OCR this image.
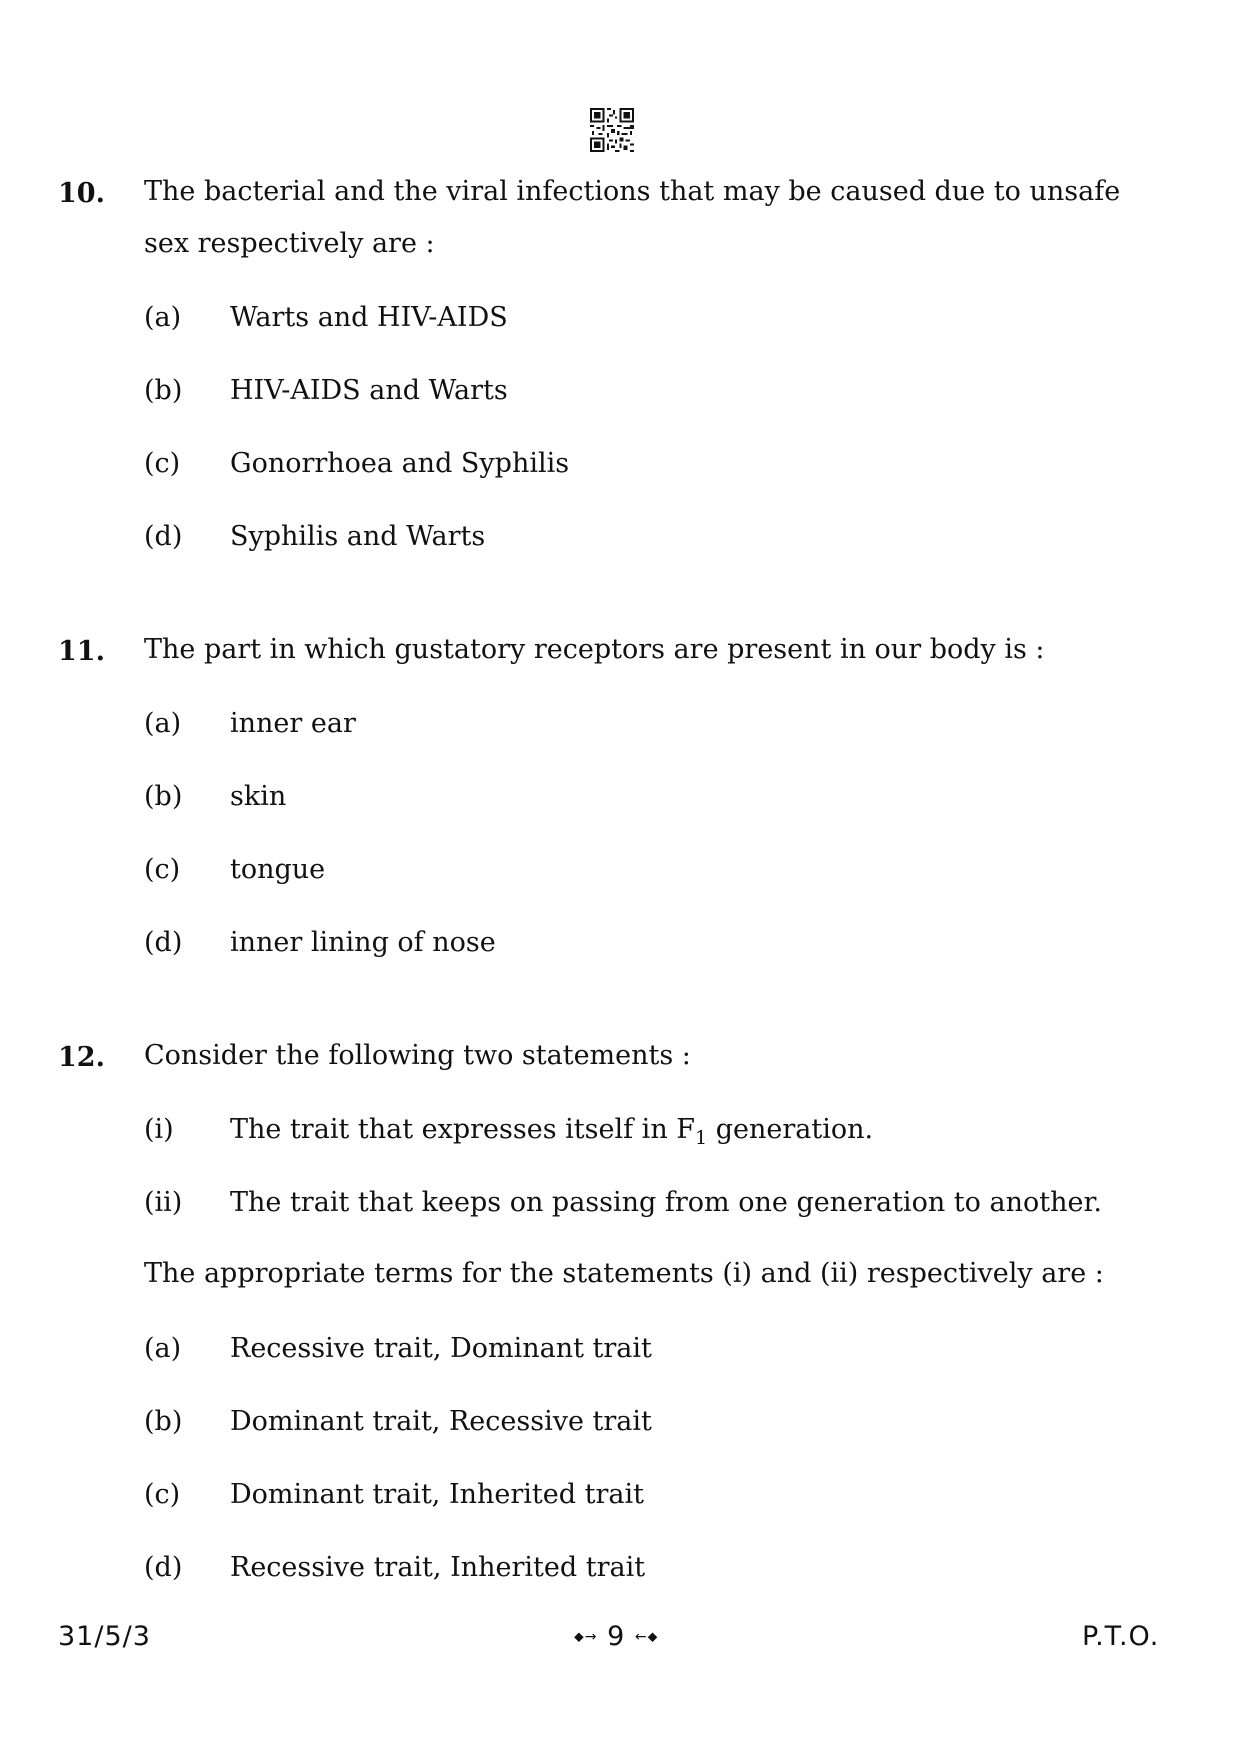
10. The bacterial and the viral infections that may be caused due to unsafe sex respectively are :
(a) Warts and HIV-AIDS
(b) HIV-AIDS and Warts
(c) Gonorrhoea and Syphilis
(d) Syphilis and Warts
11. The part in which gustatory receptors are present in our body is :
(a) inner ear
(b) skin
(c) tongue
(d) inner lining of nose
12. Consider the following two statements :
(i) The trait that expresses itself in $F_1$ generation.
(ii) The trait that keeps on passing from one generation to another.
The appropriate terms for the statements (i) and (ii) respectively are :
(a) Recessive trait, Dominant trait
(b) Dominant trait, Recessive trait
(c) Dominant trait, Inherited trait
(d) Recessive trait, Inherited trait
31/5/3	⬥→ 9 ←⬥	P.T.O.
